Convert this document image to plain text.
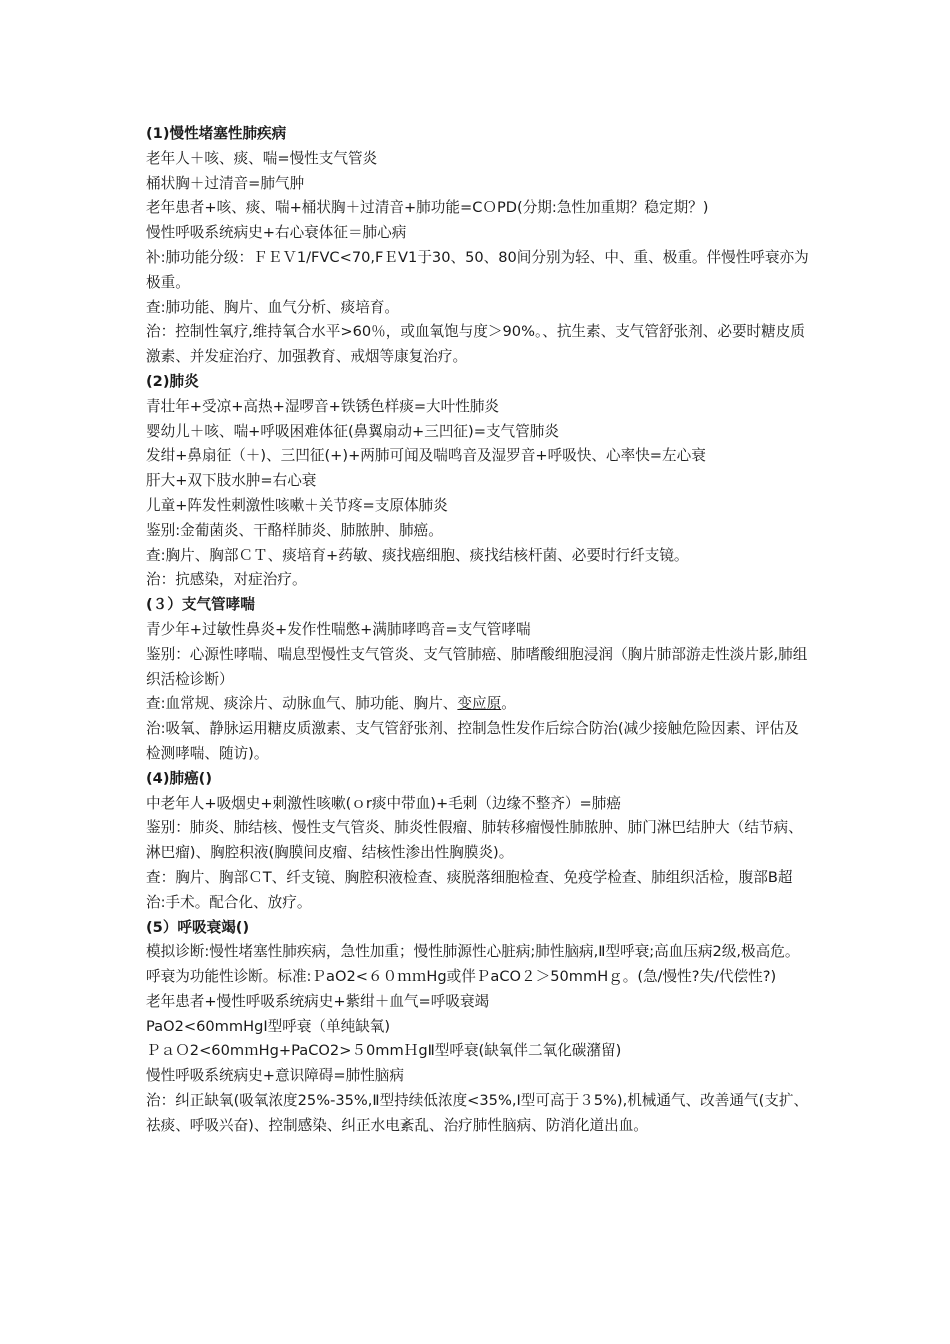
(1)慢性堵塞性肺疾病

老年人＋咳、痰、喘=慢性支气管炎

桶状胸＋过清音=肺气肿

老年患者+咳、痰、喘+桶状胸＋过清音+肺功能=CＯPD(分期:急性加重期？稳定期？)

慢性呼吸系统病史+右心衰体征＝肺心病

补:肺功能分级：ＦＥＶ1/FVC<70,FＥV1于30、50、80间分别为轻、中、重、极重。伴慢性呼衰亦为极重。

查:肺功能、胸片、血气分析、痰培育。

治：控制性氧疗,维持氧合水平>60％，或血氧饱与度＞90%。、抗生素、支气管舒张剂、必要时糖皮质激素、并发症治疗、加强教育、戒烟等康复治疗。

(2)肺炎

青壮年+受凉+高热+湿啰音+铁锈色样痰=大叶性肺炎

婴幼儿＋咳、喘+呼吸困难体征(鼻翼扇动+三凹征)=支气管肺炎

发绀+鼻扇征（＋)、三凹征(+)+两肺可闻及喘鸣音及湿罗音+呼吸快、心率快=左心衰

肝大+双下肢水肿=右心衰

儿童+阵发性刺激性咳嗽＋关节疼=支原体肺炎

鉴别:金葡菌炎、干酪样肺炎、肺脓肿、肺癌。

查:胸片、胸部ＣＴ、痰培育+药敏、痰找癌细胞、痰找结核杆菌、必要时行纤支镜。

治：抗感染，对症治疗。

(３）支气管哮喘

青少年+过敏性鼻炎+发作性喘憋+满肺哮鸣音=支气管哮喘

鉴别：心源性哮喘、喘息型慢性支气管炎、支气管肺癌、肺嗜酸细胞浸润（胸片肺部游走性淡片影,肺组织活检诊断）

查:血常规、痰涂片、动脉血气、肺功能、胸片、变应原。

治:吸氧、静脉运用糖皮质激素、支气管舒张剂、控制急性发作后综合防治(减少接触危险因素、评估及检测哮喘、随访)。

(4)肺癌()

中老年人+吸烟史+刺激性咳嗽(ｏr痰中带血)+毛刺（边缘不整齐）=肺癌

鉴别：肺炎、肺结核、慢性支气管炎、肺炎性假瘤、肺转移瘤慢性肺脓肿、肺门淋巴结肿大（结节病、淋巴瘤)、胸腔积液(胸膜间皮瘤、结核性渗出性胸膜炎)。

查：胸片、胸部ＣT、纤支镜、胸腔积液检查、痰脱落细胞检查、免疫学检查、肺组织活检，腹部B超

治:手术。配合化、放疗。

(5）呼吸衰竭()

模拟诊断:慢性堵塞性肺疾病，急性加重；慢性肺源性心脏病;肺性脑病,Ⅱ型呼衰;高血压病2级,极高危。

呼衰为功能性诊断。标准:ＰaO2<６０ｍｍHg或伴ＰaCO２＞50mmHｇ。(急/慢性?失/代偿性?)

老年患者+慢性呼吸系统病史+紫绀＋血气=呼吸衰竭

PaO2<60mmHgⅠ型呼衰（单纯缺氧)

ＰａＯ2<60mｍHg+PaCO2>５0mmＨgⅡ型呼衰(缺氧伴二氧化碳潴留)

慢性呼吸系统病史+意识障碍=肺性脑病

治：纠正缺氧(吸氧浓度25%-35%,Ⅱ型持续低浓度<35%,Ⅰ型可高于３5%),机械通气、改善通气(支扩、祛痰、呼吸兴奋)、控制感染、纠正水电紊乱、治疗肺性脑病、防消化道出血。
